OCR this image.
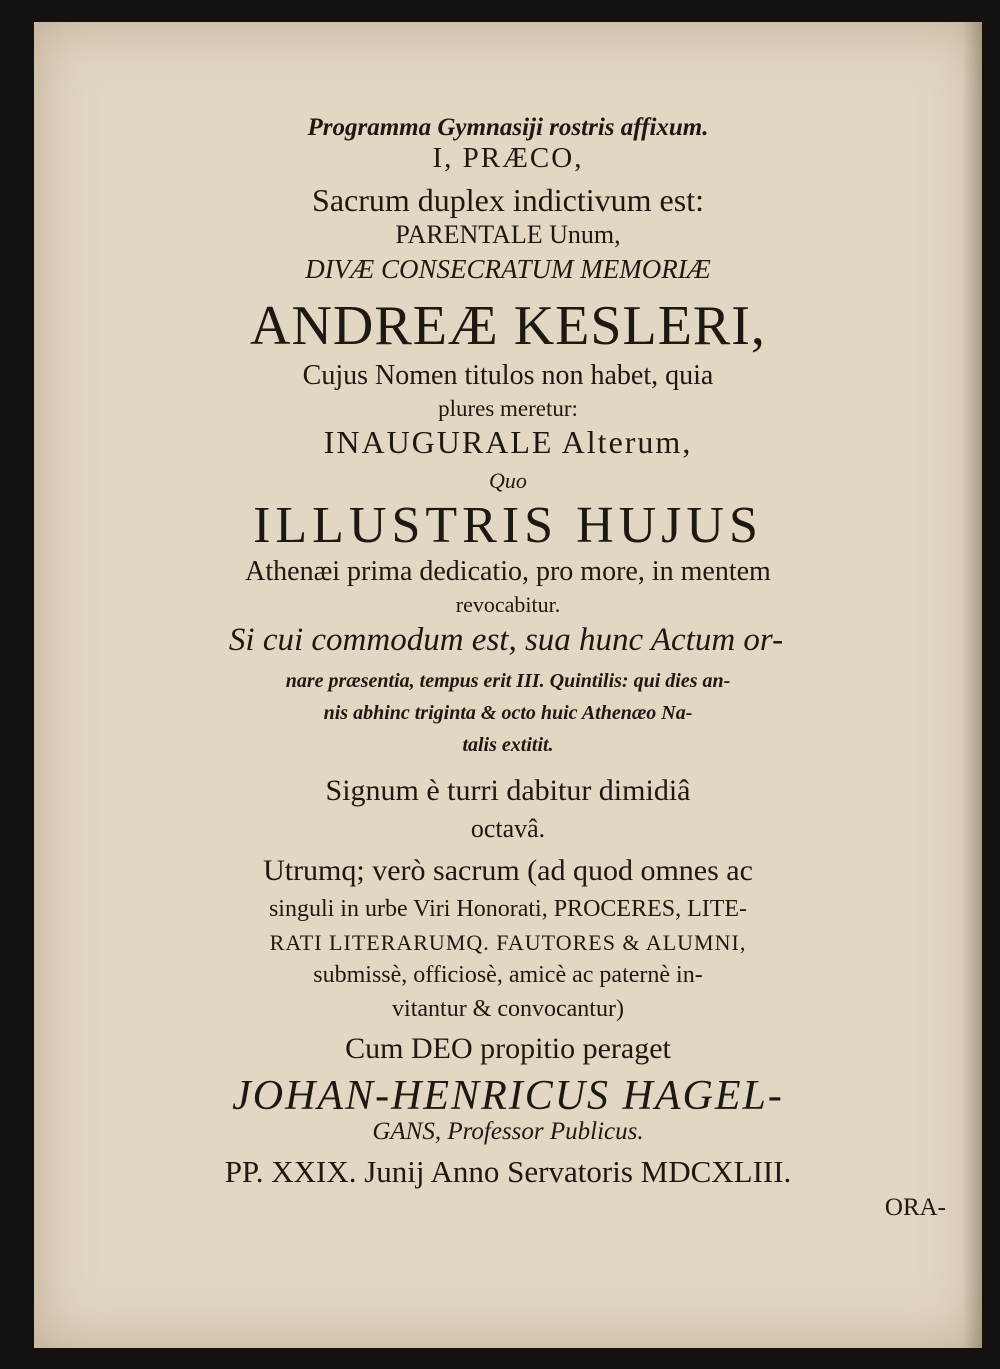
Programma Gymnasiji rostris affixum.
I, PRÆCO,
Sacrum duplex indictivum est:
PARENTALE Unum,
DIVÆ CONSECRATUM MEMORIÆ
ANDREÆ KESLERI,
Cujus Nomen titulos non habet, quia
plures meretur:
INAUGURALE Alterum,
Quo
ILLUSTRIS HUJUS
Athenæi prima dedicatio, pro more, in mentem
revocabitur.
Si cui commodum est, sua hunc Actum or-
nare præsentia, tempus erit III. Quintilis: qui dies an-
nis abhinc triginta & octo huic Athenæo Na-
talis extitit.
Signum è turri dabitur dimidiâ
octavâ.
Utrumq; verò sacrum (ad quod omnes ac
singuli in urbe Viri Honorati, PROCERES, LITE-
RATI LITERARUMQ. FAUTORES & ALUMNI,
submissè, officiosè, amicè ac paternè in-
vitantur & convocantur)
Cum DEO propitio peraget
JOHAN-HENRICUS HAGEL-
GANS, Professor Publicus.
PP. XXIX. Junij Anno Servatoris MDCXLIII.
ORA-
